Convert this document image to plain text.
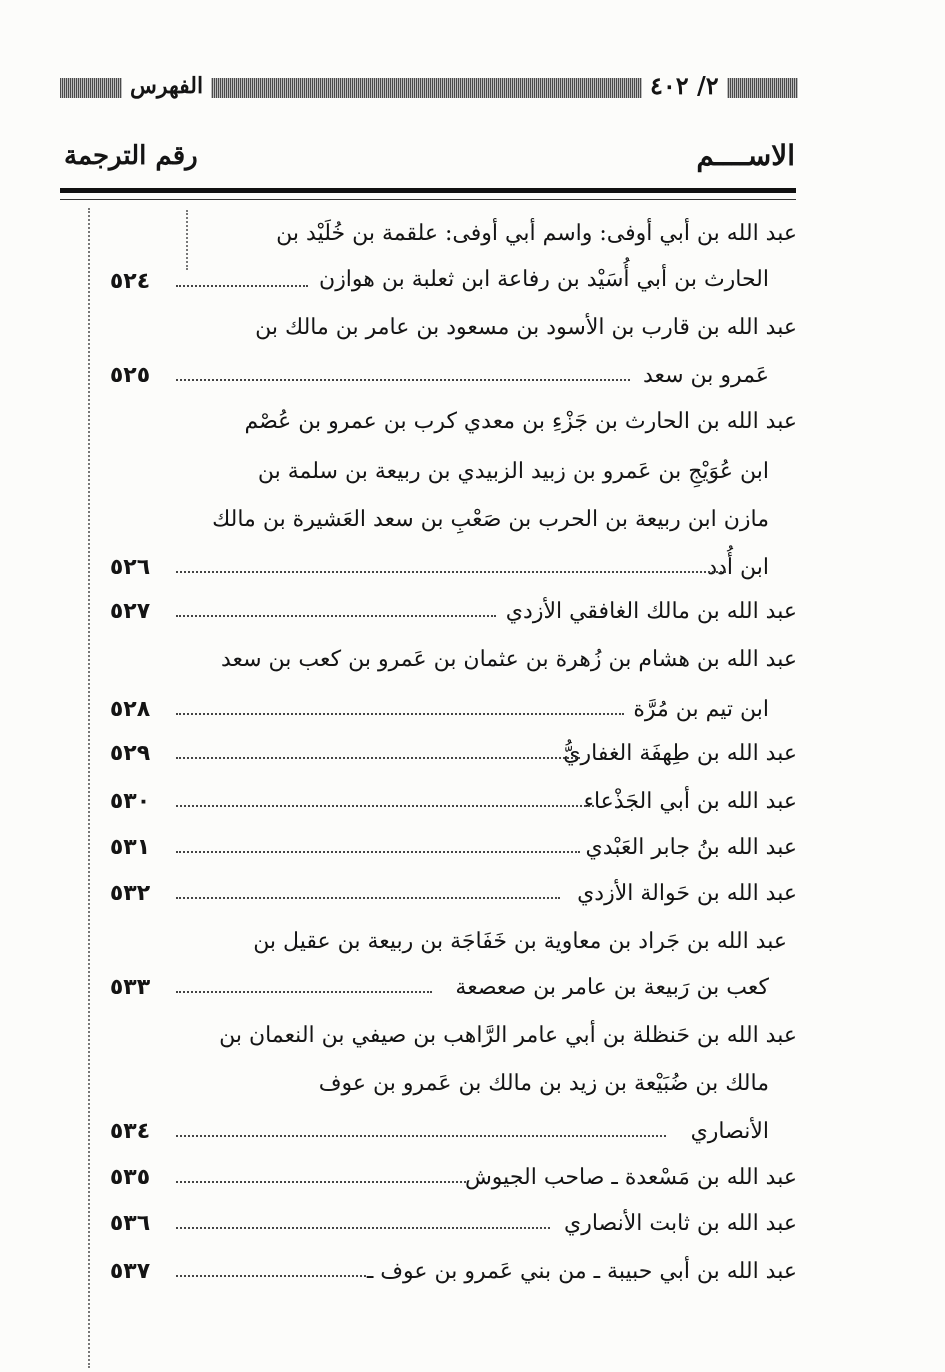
٢/ ٤٠٢
الفهرس
الاســــم
رقم الترجمة
عبد الله بن أبي أوفى: واسم أبي أوفى: علقمة بن خُلَيْد بن
الحارث بن أبي أُسَيْد بن رفاعة ابن ثعلبة بن هوازن
٥٢٤
عبد الله بن قارب بن الأسود بن مسعود بن عامر بن مالك بن
عَمرو بن سعد
٥٢٥
عبد الله بن الحارث بن جَزْءِ بن معدي كرب بن عمرو بن عُصْم
ابن عُوَيْجِ بن عَمرو بن زبيد الزبيدي بن ربيعة بن سلمة بن
مازن ابن ربيعة بن الحرب بن صَعْبِ بن سعد العَشيرة بن مالك
ابن أُدد
٥٢٦
عبد الله بن مالك الغافقي الأزدي
٥٢٧
عبد الله بن هشام بن زُهرة بن عثمان بن عَمرو بن كعب بن سعد
ابن تيم بن مُرَّة
٥٢٨
عبد الله بن طِهفَة الغفاريُّ
٥٢٩
عبد الله بن أبي الجَذْعاء
٥٣٠
عبد الله بنُ جابر العَبْدي
٥٣١
عبد الله بن حَوالة الأزدي
٥٣٢
عبد الله بن جَراد بن معاوية بن خَفَاجَة بن ربيعة بن عقيل بن
كعب بن رَبيعة بن عامر بن صعصعة
٥٣٣
عبد الله بن حَنظلة بن أبي عامر الرَّاهب بن صيفي بن النعمان بن
مالك بن ضُبَيْعة بن زيد بن مالك بن عَمرو بن عوف
الأنصاري
٥٣٤
عبد الله بن مَسْعدة ـ صاحب الجيوش
٥٣٥
عبد الله بن ثابت الأنصاري
٥٣٦
عبد الله بن أبي حبيبة ـ من بني عَمرو بن عوف ـ
٥٣٧
